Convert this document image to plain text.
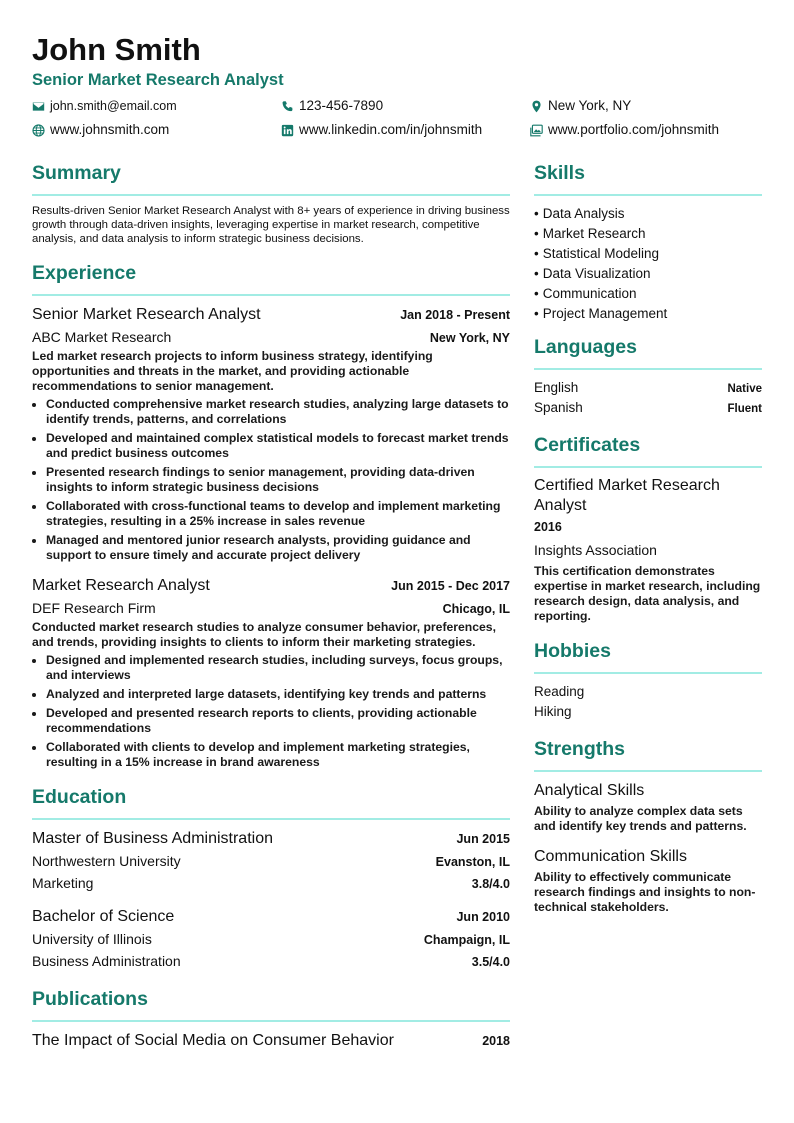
John Smith
Senior Market Research Analyst
john.smith@email.com	123-456-7890	New York, NY
www.johnsmith.com	www.linkedin.com/in/johnsmith	www.portfolio.com/johnsmith
Summary

Results-driven Senior Market Research Analyst with 8+ years of experience in driving business growth through data-driven insights, leveraging expertise in market research, competitive analysis, and data analysis to inform strategic business decisions.

Experience
Senior Market Research Analyst	Jan 2018 - Present
ABC Market Research	New York, NY

Led market research projects to inform business strategy, identifying opportunities and threats in the market, and providing actionable recommendations to senior management.

• Conducted comprehensive market research studies, analyzing large datasets to identify trends, patterns, and correlations
• Developed and maintained complex statistical models to forecast market trends and predict business outcomes
• Presented research findings to senior management, providing data-driven insights to inform strategic business decisions
• Collaborated with cross-functional teams to develop and implement marketing strategies, resulting in a 25% increase in sales revenue
• Managed and mentored junior research analysts, providing guidance and support to ensure timely and accurate project delivery
Market Research Analyst	Jun 2015 - Dec 2017
DEF Research Firm	Chicago, IL

Conducted market research studies to analyze consumer behavior, preferences, and trends, providing insights to clients to inform their marketing strategies.

• Designed and implemented research studies, including surveys, focus groups, and interviews
• Analyzed and interpreted large datasets, identifying key trends and patterns
• Developed and presented research reports to clients, providing actionable recommendations
• Collaborated with clients to develop and implement marketing strategies, resulting in a 15% increase in brand awareness
Education
Master of Business Administration	Jun 2015
Northwestern University	Evanston, IL
Marketing	3.8/4.0
Bachelor of Science	Jun 2010
University of Illinois	Champaign, IL
Business Administration	3.5/4.0
Publications
The Impact of Social Media on Consumer Behavior	2018
Skills
• Data Analysis
• Market Research
• Statistical Modeling
• Data Visualization
• Communication
• Project Management
Languages
English	Native
Spanish	Fluent
Certificates
Certified Market Research Analyst
2016
Insights Association
This certification demonstrates expertise in market research, including research design, data analysis, and reporting.
Hobbies
Reading
Hiking
Strengths
Analytical Skills
Ability to analyze complex data sets and identify key trends and patterns.
Communication Skills
Ability to effectively communicate research findings and insights to non-technical stakeholders.
